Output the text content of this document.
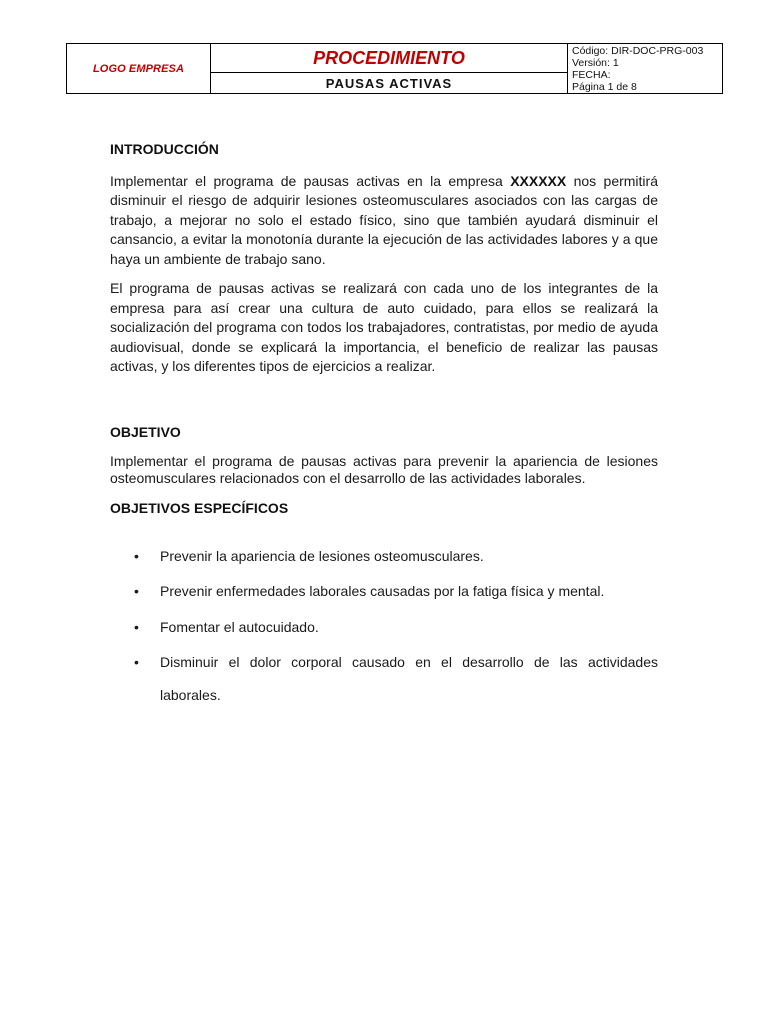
LOGO EMPRESA
PROCEDIMIENTO
PAUSAS ACTIVAS
Código: DIR-DOC-PRG-003
Versión: 1
FECHA:
Página 1 de 8
INTRODUCCIÓN

Implementar el programa de pausas activas en la empresa XXXXXX nos permitirá disminuir el riesgo de adquirir lesiones osteomusculares asociados con las cargas de trabajo, a mejorar no solo el estado físico, sino que también ayudará disminuir el cansancio, a evitar la monotonía durante la ejecución de las actividades labores y a que haya un ambiente de trabajo sano.

El programa de pausas activas se realizará con cada uno de los integrantes de la empresa para así crear una cultura de auto cuidado, para ellos se realizará la socialización del programa con todos los trabajadores, contratistas, por medio de ayuda audiovisual, donde se explicará la importancia, el beneficio de realizar las pausas activas, y los diferentes tipos de ejercicios a realizar.

OBJETIVO

Implementar el programa de pausas activas para prevenir la apariencia de lesiones osteomusculares relacionados con el desarrollo de las actividades laborales.

OBJETIVOS ESPECÍFICOS
• Prevenir la apariencia de lesiones osteomusculares.
• Prevenir enfermedades laborales causadas por la fatiga física y mental.
• Fomentar el autocuidado.
• Disminuir el dolor corporal causado en el desarrollo de las actividades laborales.
